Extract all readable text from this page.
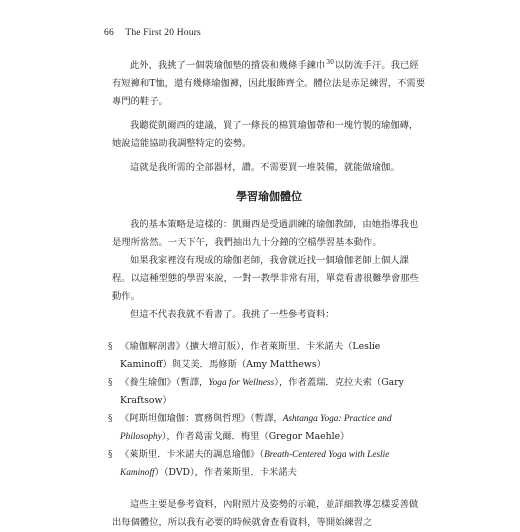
66 The First 20 Hours

此外，我挑了一個裝瑜伽墊的揹袋和幾條手鍊巾$^{30}$以防流手汗。我已經有短褲和T恤，還有幾條瑜伽褲，因此服飾齊全。體位法是赤足練習，不需要專門的鞋子。

我聽從凱爾西的建議，買了一條長的棉質瑜伽帶和一塊竹製的瑜伽磚，她說這能協助我調整特定的姿勢。

這就是我所需的全部器材，讚。不需要買一堆裝備，就能做瑜伽。

學習瑜伽體位

我的基本策略是這樣的：凱爾西是受過訓練的瑜伽教師，由她指導我也是理所當然。一天下午，我們抽出九十分鐘的空檔學習基本動作。

如果我家裡沒有現成的瑜伽老師，我會就近找一個瑜伽老師上個人課程。以這種型態的學習來說，一對一教學非常有用，單竟看書很難學會那些動作。

但這不代表我就不看書了。我挑了一些參考資料：

§ 《瑜伽解剖書》（擴大增訂版），作者萊斯里．卡米諾夫（Leslie Kaminoff）與艾美．馬修斯（Amy Matthews）
§ 《養生瑜伽》（暫譯，Yoga for Wellness），作者蓋瑞．克拉夫索（Gary Kraftsow）
§ 《阿斯坦伽瑜伽：實務與哲理》（暫譯，Ashtanga Yoga: Practice and Philosophy），作者葛雷戈爾．梅里（Gregor Maehle）
§ 《萊斯里．卡米諾夫的調息瑜伽》（Breath-Centered Yoga with Leslie Kaminoff）（DVD），作者萊斯里．卡米諾夫

這些主要是參考資料，內附照片及姿勢的示範，並詳細教導怎樣妥善做出每個體位，所以我有必要的時候就會查看資料，等開始練習之
